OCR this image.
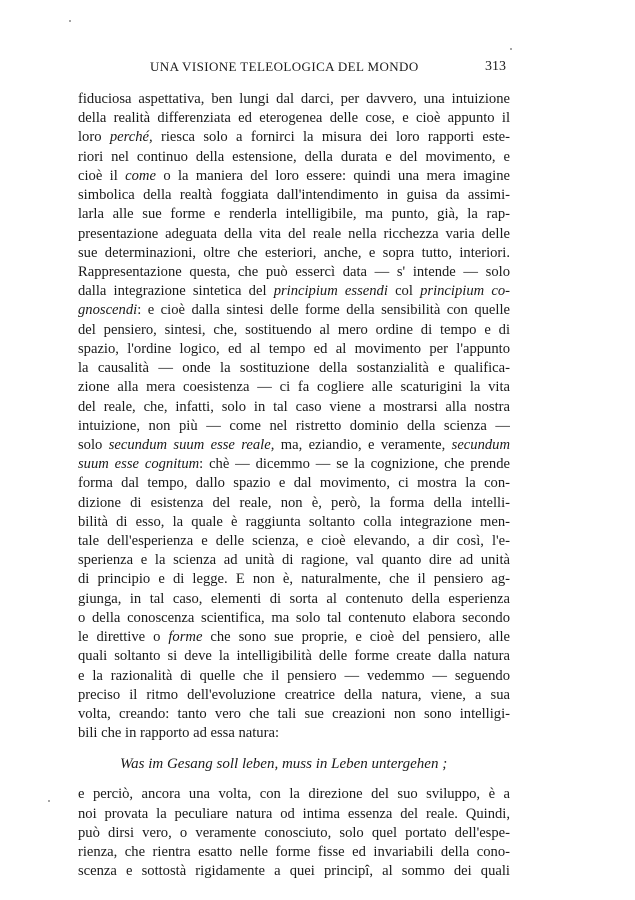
UNA VISIONE TELEOLOGICA DEL MONDO	313
fiduciosa aspettativa, ben lungi dal darci, per davvero, una intuizione
della realità differenziata ed eterogenea delle cose, e cioè appunto il
loro perché, riesca solo a fornirci la misura dei loro rapporti este-
riori nel continuo della estensione, della durata e del movimento, e
cioè il come o la maniera del loro essere: quindi una mera imagine
simbolica della realtà foggiata dall'intendimento in guisa da assimi-
larla alle sue forme e renderla intelligibile, ma punto, già, la rap-
presentazione adeguata della vita del reale nella ricchezza varia delle
sue determinazioni, oltre che esteriori, anche, e sopra tutto, interiori.
Rappresentazione questa, che può essercì data — s' intende — solo
dalla integrazione sintetica del principium essendi col principium co-
gnoscendi: e cioè dalla sintesi delle forme della sensibilità con quelle
del pensiero, sintesi, che, sostituendo al mero ordine di tempo e di
spazio, l'ordine logico, ed al tempo ed al movimento per l'appunto
la causalità — onde la sostituzione della sostanzialità e qualifica-
zione alla mera coesistenza — ci fa cogliere alle scaturigini la vita
del reale, che, infatti, solo in tal caso viene a mostrarsi alla nostra
intuizione, non più — come nel ristretto dominio della scienza —
solo secundum suum esse reale, ma, eziandio, e veramente, secundum
suum esse cognitum: chè — dicemmo — se la cognizione, che prende
forma dal tempo, dallo spazio e dal movimento, ci mostra la con-
dizione di esistenza del reale, non è, però, la forma della intelli-
bilità di esso, la quale è raggiunta soltanto colla integrazione men-
tale dell'esperienza e delle scienza, e cioè elevando, a dir così, l'e-
sperienza e la scienza ad unità di ragione, val quanto dire ad unità
di principio e di legge. E non è, naturalmente, che il pensiero ag-
giunga, in tal caso, elementi di sorta al contenuto della esperienza
o della conoscenza scientifica, ma solo tal contenuto elabora secondo
le direttive o forme che sono sue proprie, e cioè del pensiero, alle
quali soltanto si deve la intelligibilità delle forme create dalla natura
e la razionalità di quelle che il pensiero — vedemmo — seguendo
preciso il ritmo dell'evoluzione creatrice della natura, viene, a sua
volta, creando: tanto vero che tali sue creazioni non sono intelligi-
bili che in rapporto ad essa natura:
Was im Gesang soll leben, muss in Leben untergehen ;
e perciò, ancora una volta, con la direzione del suo sviluppo, è a
noi provata la peculiare natura od intima essenza del reale. Quindi,
può dirsi vero, o veramente conosciuto, solo quel portato dell'espe-
rienza, che rientra esatto nelle forme fisse ed invariabili della cono-
scenza e sottostà rigidamente a quei principî, al sommo dei quali
